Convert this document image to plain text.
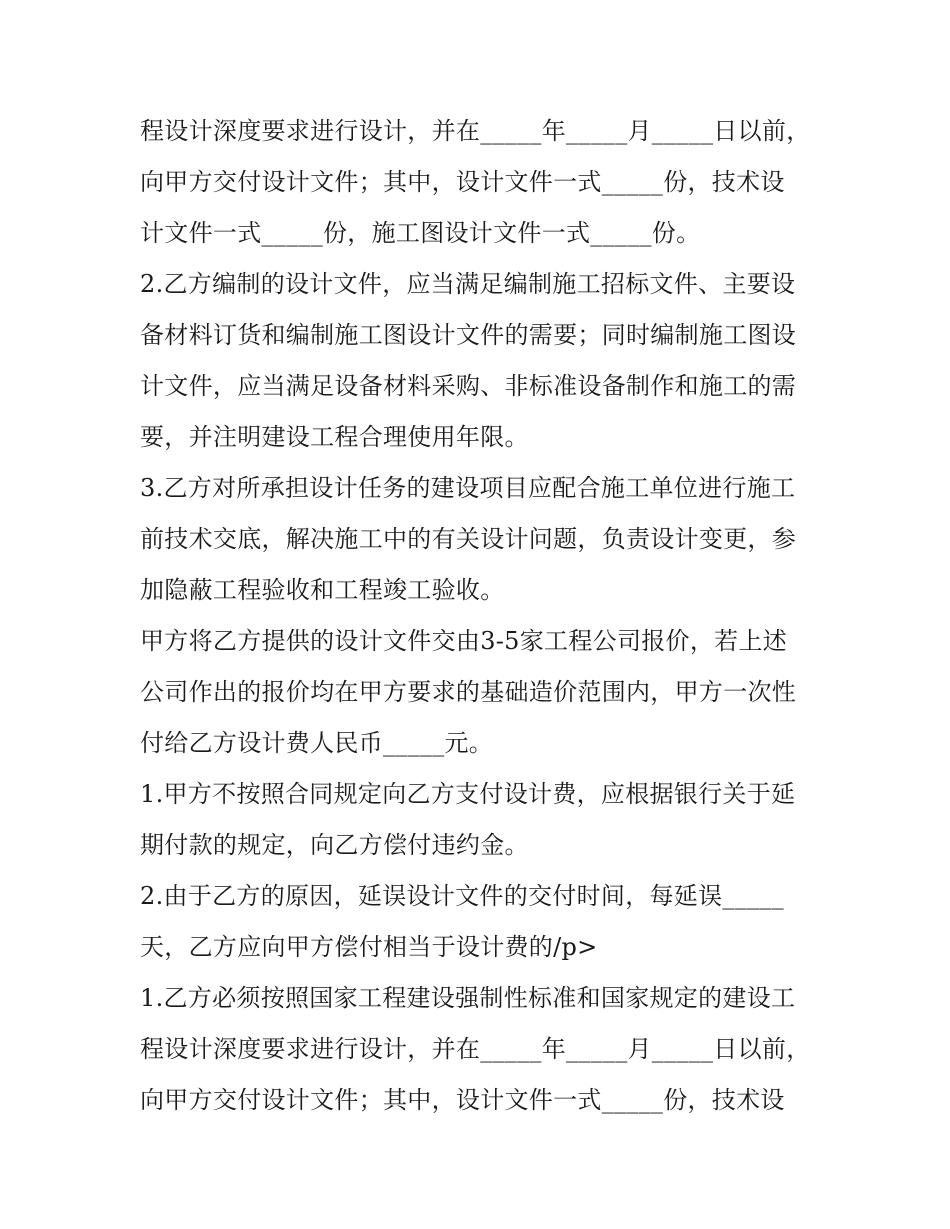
程设计深度要求进行设计，并在_____年_____月_____日以前，
向甲方交付设计文件；其中，设计文件一式_____份，技术设
计文件一式_____份，施工图设计文件一式_____份。
2.乙方编制的设计文件，应当满足编制施工招标文件、主要设
备材料订货和编制施工图设计文件的需要；同时编制施工图设
计文件，应当满足设备材料采购、非标准设备制作和施工的需
要，并注明建设工程合理使用年限。
3.乙方对所承担设计任务的建设项目应配合施工单位进行施工
前技术交底，解决施工中的有关设计问题，负责设计变更，参
加隐蔽工程验收和工程竣工验收。
甲方将乙方提供的设计文件交由3-5家工程公司报价，若上述
公司作出的报价均在甲方要求的基础造价范围内，甲方一次性
付给乙方设计费人民币_____元。
1.甲方不按照合同规定向乙方支付设计费，应根据银行关于延
期付款的规定，向乙方偿付违约金。
2.由于乙方的原因，延误设计文件的交付时间，每延误_____
天，乙方应向甲方偿付相当于设计费的/p>
1.乙方必须按照国家工程建设强制性标准和国家规定的建设工
程设计深度要求进行设计，并在_____年_____月_____日以前，
向甲方交付设计文件；其中，设计文件一式_____份，技术设
